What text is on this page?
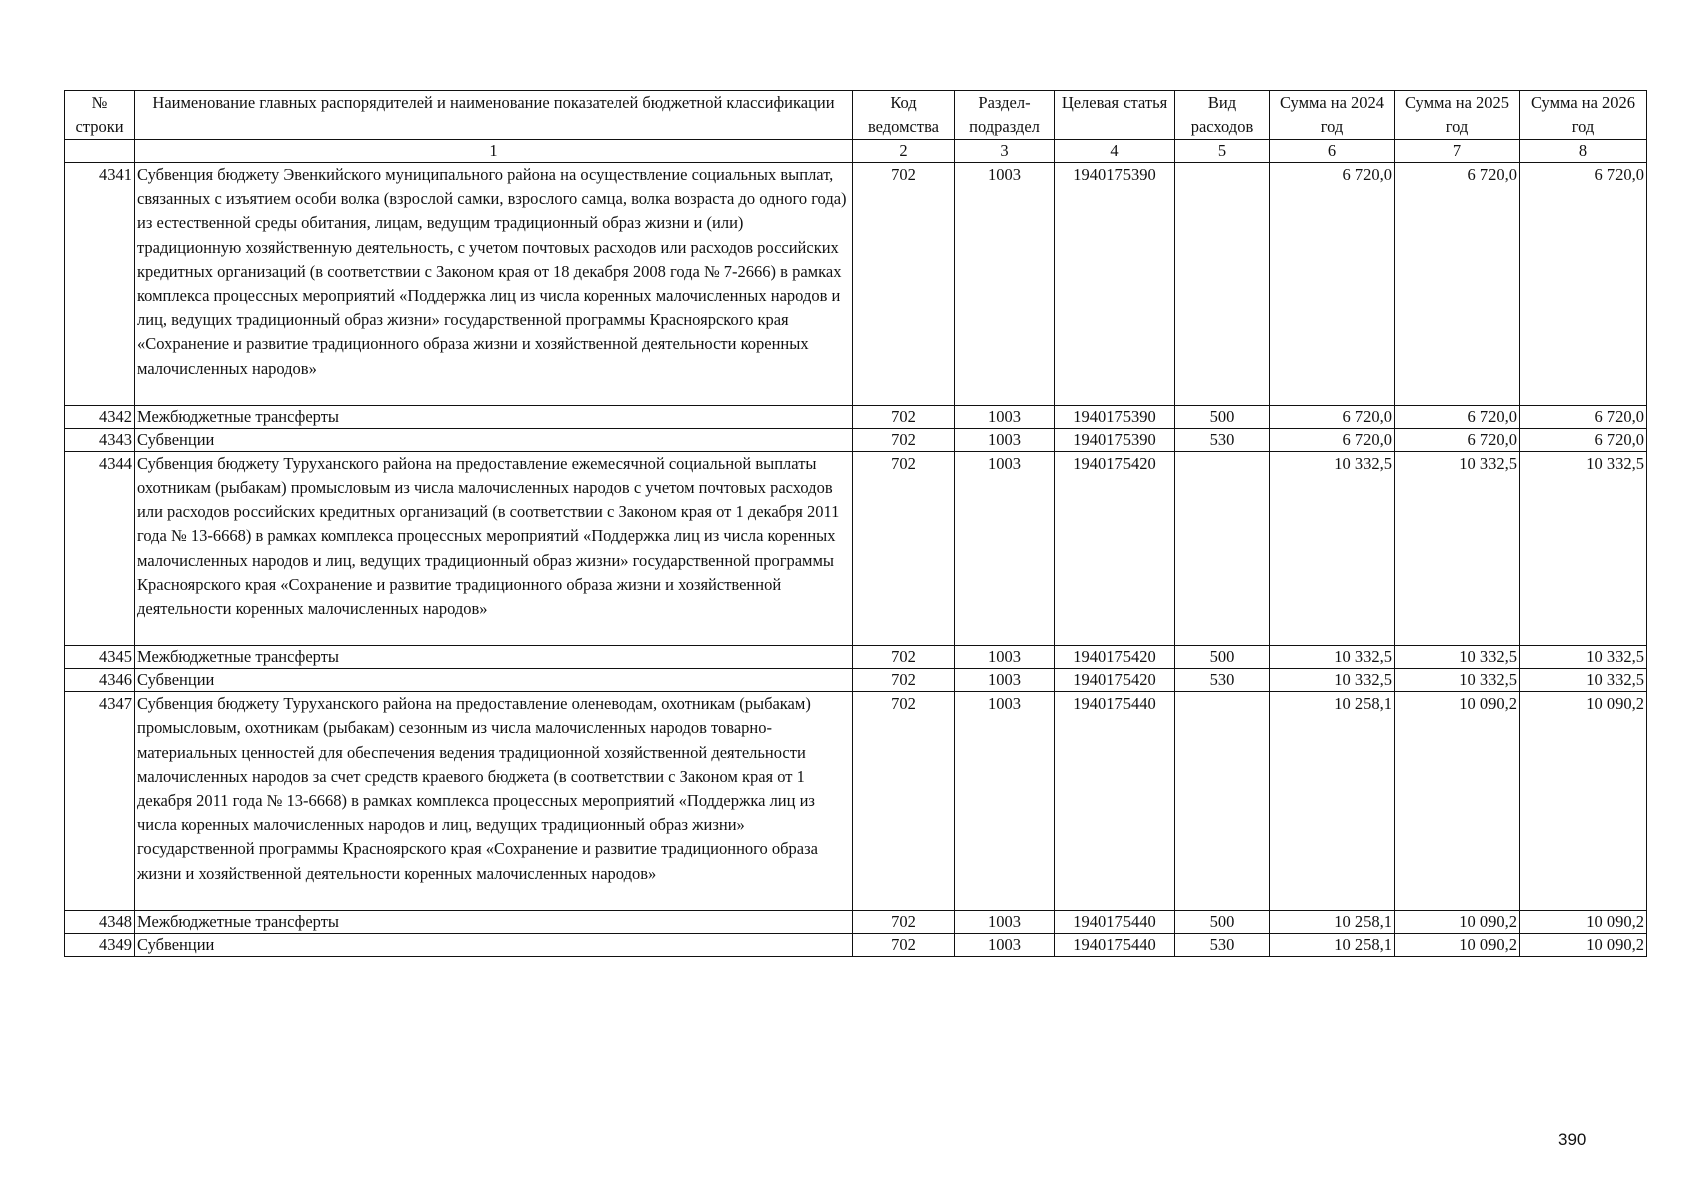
№ строки	Наименование главных распорядителей и наименование показателей бюджетной классификации	Код ведомства	Раздел-подраздел	Целевая статья	Вид расходов	Сумма на 2024 год	Сумма на 2025 год	Сумма на 2026 год
	1	2	3	4	5	6	7	8
4341	Субвенция бюджету Эвенкийского муниципального района на осуществление социальных выплат, связанных с изъятием особи волка (взрослой самки, взрослого самца, волка возраста до одного года) из естественной среды обитания, лицам, ведущим традиционный образ жизни и (или) традиционную хозяйственную деятельность, с учетом почтовых расходов или расходов российских кредитных организаций (в соответствии с Законом края от 18 декабря 2008 года № 7-2666) в рамках комплекса процессных мероприятий «Поддержка лиц из числа коренных малочисленных народов и лиц, ведущих традиционный образ жизни» государственной программы Красноярского края «Сохранение и развитие традиционного образа жизни и хозяйственной деятельности коренных малочисленных народов»	702	1003	1940175390		6 720,0	6 720,0	6 720,0
4342	Межбюджетные трансферты	702	1003	1940175390	500	6 720,0	6 720,0	6 720,0
4343	Субвенции	702	1003	1940175390	530	6 720,0	6 720,0	6 720,0
4344	Субвенция бюджету Туруханского района на предоставление ежемесячной социальной выплаты охотникам (рыбакам) промысловым из числа малочисленных народов с учетом почтовых расходов или расходов российских кредитных организаций (в соответствии с Законом края от 1 декабря 2011 года № 13-6668) в рамках комплекса процессных мероприятий «Поддержка лиц из числа коренных малочисленных народов и лиц, ведущих традиционный образ жизни» государственной программы Красноярского края «Сохранение и развитие традиционного образа жизни и хозяйственной деятельности коренных малочисленных народов»	702	1003	1940175420		10 332,5	10 332,5	10 332,5
4345	Межбюджетные трансферты	702	1003	1940175420	500	10 332,5	10 332,5	10 332,5
4346	Субвенции	702	1003	1940175420	530	10 332,5	10 332,5	10 332,5
4347	Субвенция бюджету Туруханского района на предоставление оленеводам, охотникам (рыбакам) промысловым, охотникам (рыбакам) сезонным из числа малочисленных народов товарно-материальных ценностей для обеспечения ведения традиционной хозяйственной деятельности малочисленных народов за счет средств краевого бюджета (в соответствии с Законом края от 1 декабря 2011 года № 13-6668) в рамках комплекса процессных мероприятий «Поддержка лиц из числа коренных малочисленных народов и лиц, ведущих традиционный образ жизни» государственной программы Красноярского края «Сохранение и развитие традиционного образа жизни и хозяйственной деятельности коренных малочисленных народов»	702	1003	1940175440		10 258,1	10 090,2	10 090,2
4348	Межбюджетные трансферты	702	1003	1940175440	500	10 258,1	10 090,2	10 090,2
4349	Субвенции	702	1003	1940175440	530	10 258,1	10 090,2	10 090,2
390
